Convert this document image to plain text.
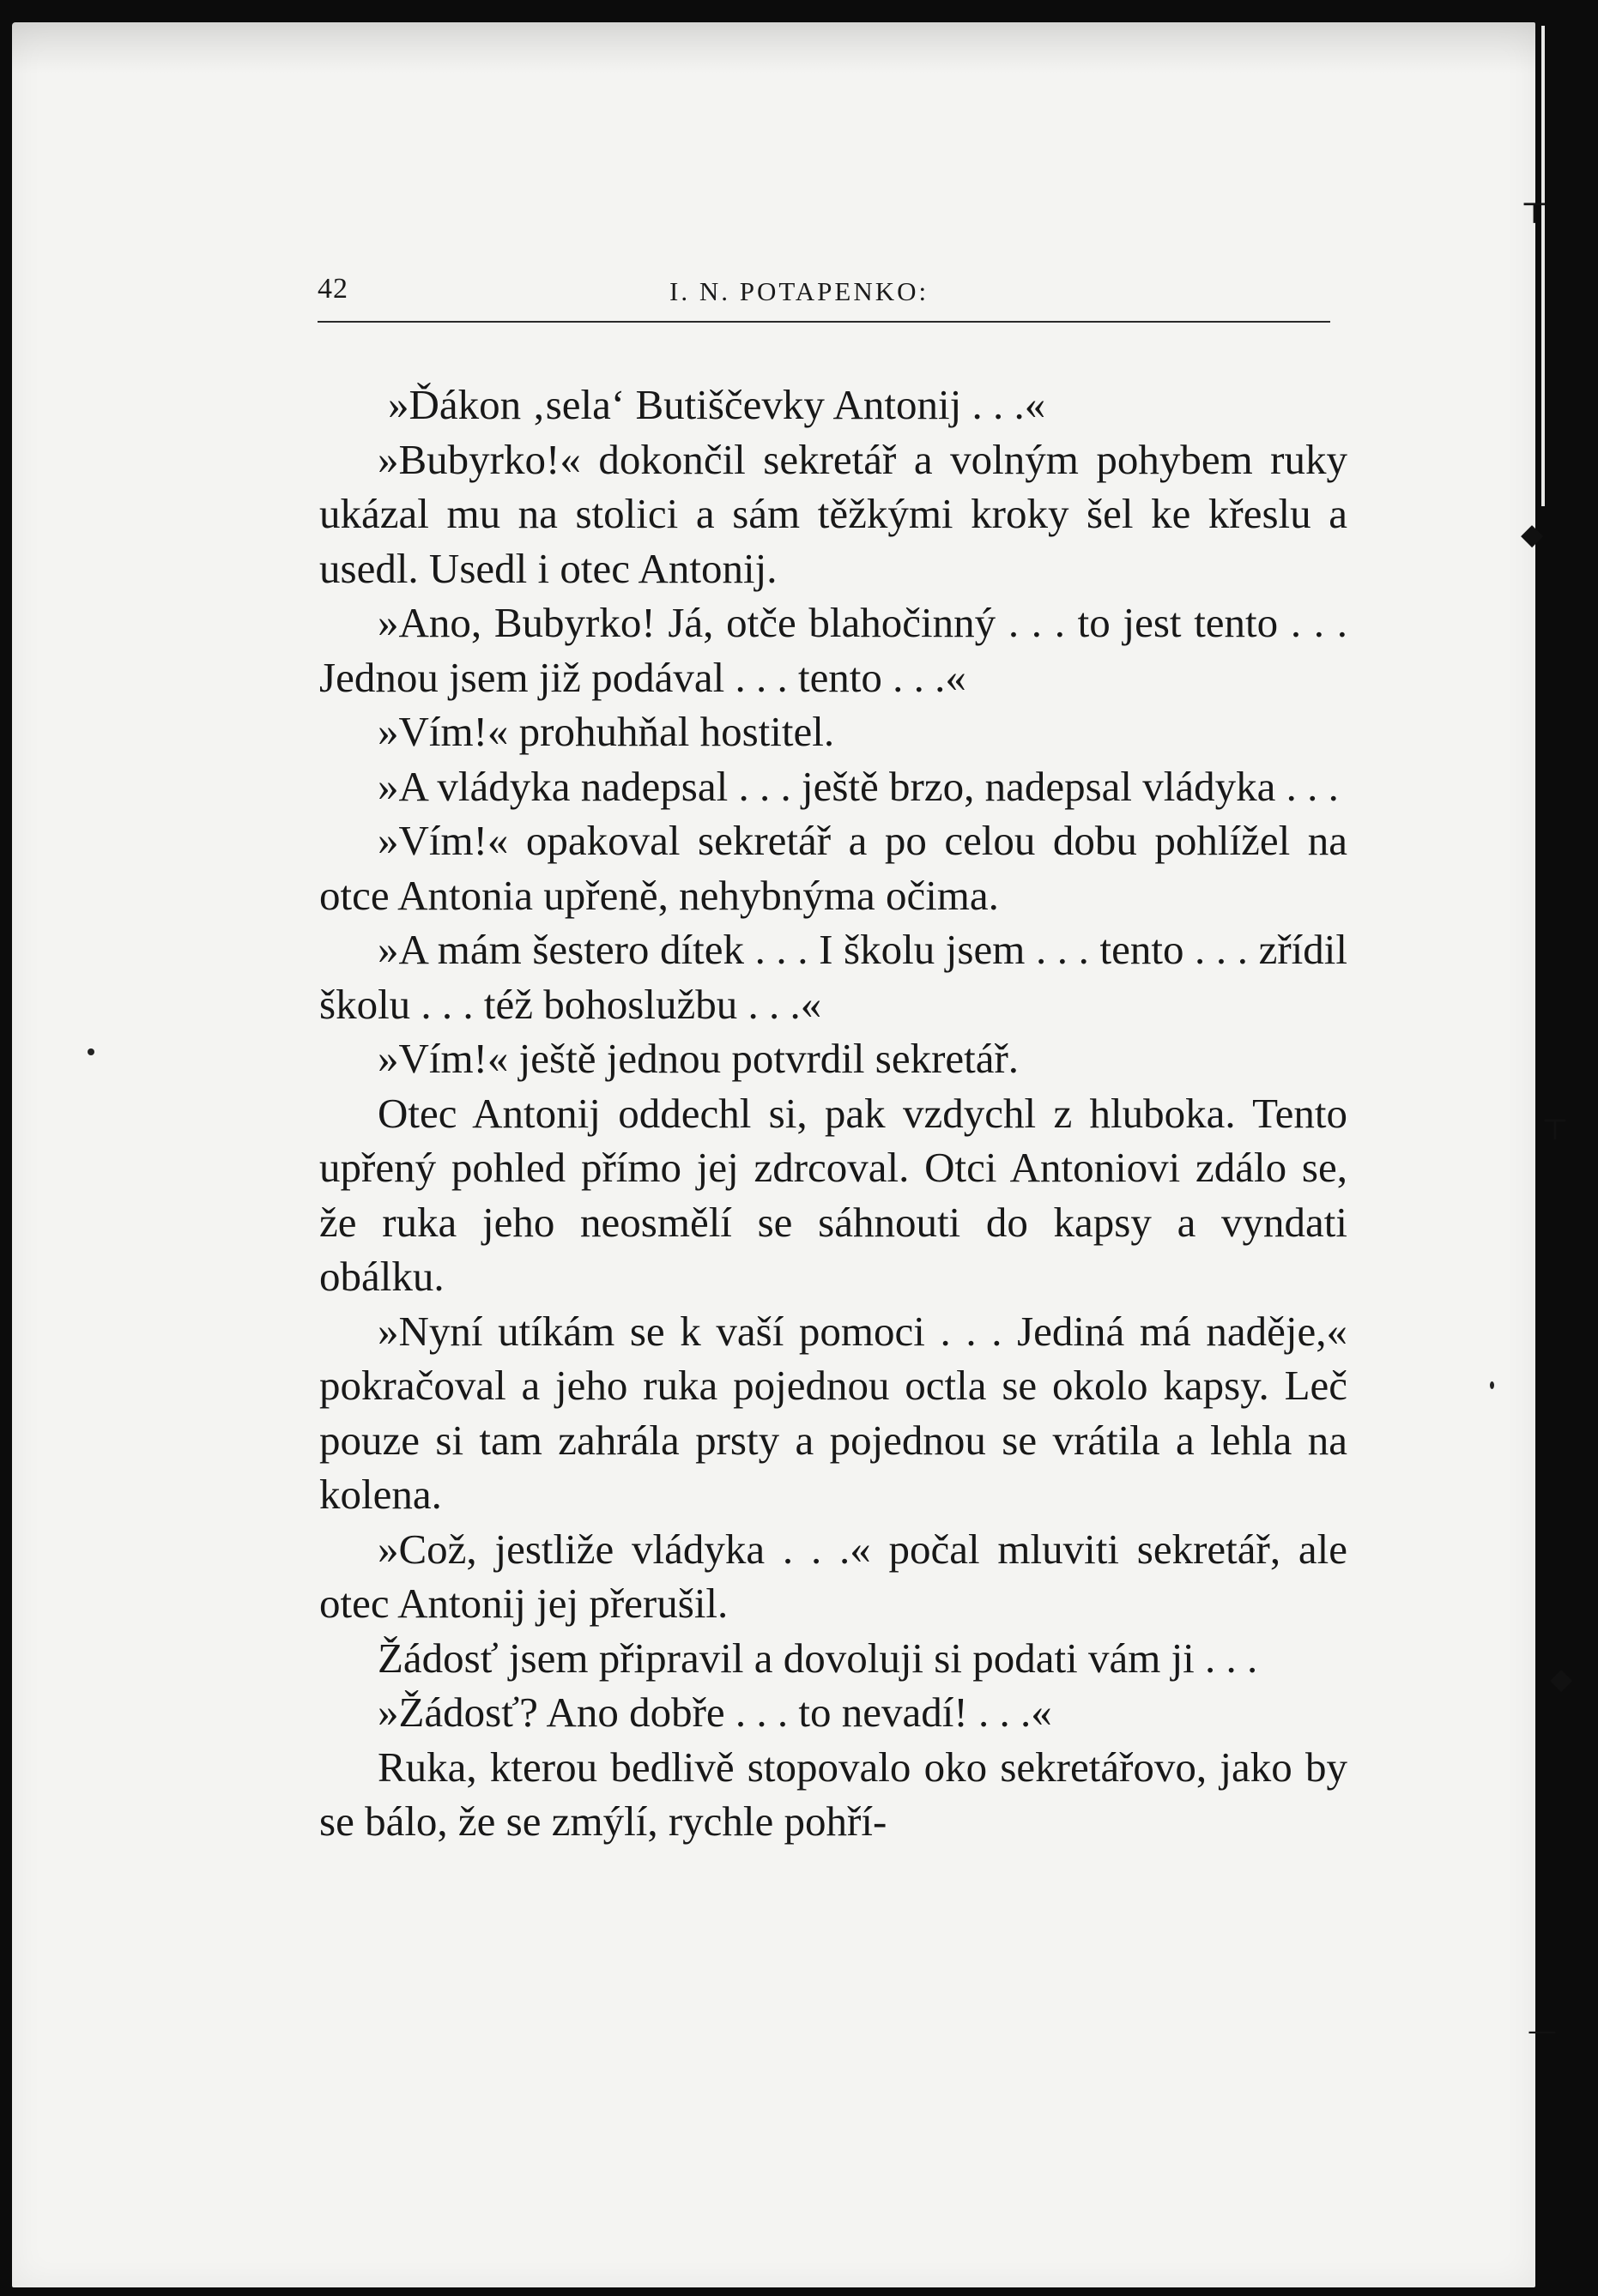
⊤
◆
⊤
◆
—
42	I. N. POTAPENKO:

»Ďákon ‚sela‘ Butiščevky Antonij . . .«

»Bubyrko!« dokončil sekretář a volným pohybem ruky ukázal mu na stolici a sám těžkými kroky šel ke křeslu a usedl. Usedl i otec Antonij.

»Ano, Bubyrko! Já, otče blahočinný . . . to jest tento . . . Jednou jsem již podával . . . tento . . .«

»Vím!« prohuhňal hostitel.

»A vládyka nadepsal . . . ještě brzo, nadepsal vládyka . . .

»Vím!« opakoval sekretář a po celou dobu pohlížel na otce Antonia upřeně, nehybnýma očima.

»A mám šestero dítek . . . I školu jsem . . . tento . . . zřídil školu . . . též bohoslužbu . . .«

»Vím!« ještě jednou potvrdil sekretář.

Otec Antonij oddechl si, pak vzdychl z hluboka. Tento upřený pohled přímo jej zdrcoval. Otci Antoniovi zdálo se, že ruka jeho neosmělí se sáhnouti do kapsy a vyndati obálku.

»Nyní utíkám se k vaší pomoci . . . Jediná má naděje,« pokračoval a jeho ruka pojednou octla se okolo kapsy. Leč pouze si tam zahrála prsty a pojednou se vrátila a lehla na kolena.

»Což, jestliže vládyka . . .« počal mluviti sekretář, ale otec Antonij jej přerušil.

Žádosť jsem připravil a dovoluji si podati vám ji . . .

»Žádosť? Ano dobře . . . to nevadí! . . .«

Ruka, kterou bedlivě stopovalo oko sekretářovo, jako by se bálo, že se zmýlí, rychle pohří-
